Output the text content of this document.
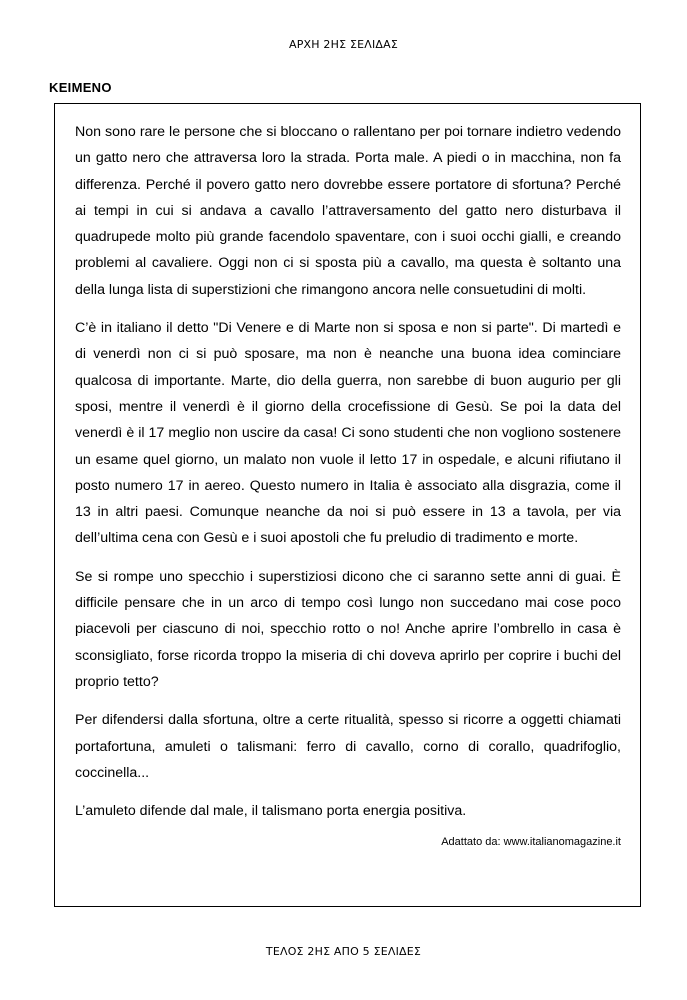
ΑΡΧΗ 2ΗΣ ΣΕΛΙΔΑΣ
KEIMENO

Non sono rare le persone che si bloccano o rallentano per poi tornare indietro vedendo un gatto nero che attraversa loro la strada. Porta male. A piedi o in macchina, non fa differenza. Perché il povero gatto nero dovrebbe essere portatore di sfortuna? Perché ai tempi in cui si andava a cavallo l’attraversamento del gatto nero disturbava il quadrupede molto più grande facendolo spaventare, con i suoi occhi gialli, e creando problemi al cavaliere. Oggi non ci si sposta più a cavallo, ma questa è soltanto una della lunga lista di superstizioni che rimangono ancora nelle consuetudini di molti.

C’è in italiano il detto "Di Venere e di Marte non si sposa e non si parte". Di martedì e di venerdì non ci si può sposare, ma non è neanche una buona idea cominciare qualcosa di importante. Marte, dio della guerra, non sarebbe di buon augurio per gli sposi, mentre il venerdì è il giorno della crocefissione di Gesù. Se poi la data del venerdì è il 17 meglio non uscire da casa! Ci sono studenti che non vogliono sostenere un esame quel giorno, un malato non vuole il letto 17 in ospedale, e alcuni rifiutano il posto numero 17 in aereo. Questo numero in Italia è associato alla disgrazia, come il 13 in altri paesi. Comunque neanche da noi si può essere in 13 a tavola, per via dell’ultima cena con Gesù e i suoi apostoli che fu preludio di tradimento e morte.

Se si rompe uno specchio i superstiziosi dicono che ci saranno sette anni di guai. È difficile pensare che in un arco di tempo così lungo non succedano mai cose poco piacevoli per ciascuno di noi, specchio rotto o no! Anche aprire l’ombrello in casa è sconsigliato, forse ricorda troppo la miseria di chi doveva aprirlo per coprire i buchi del proprio tetto?

Per difendersi dalla sfortuna, oltre a certe ritualità, spesso si ricorre a oggetti chiamati portafortuna, amuleti o talismani: ferro di cavallo, corno di corallo, quadrifoglio, coccinella...

L’amuleto difende dal male, il talismano porta energia positiva.

Adattato da: www.italianomagazine.it

ΤΕΛΟΣ 2ΗΣ ΑΠΟ 5 ΣΕΛΙΔΕΣ
